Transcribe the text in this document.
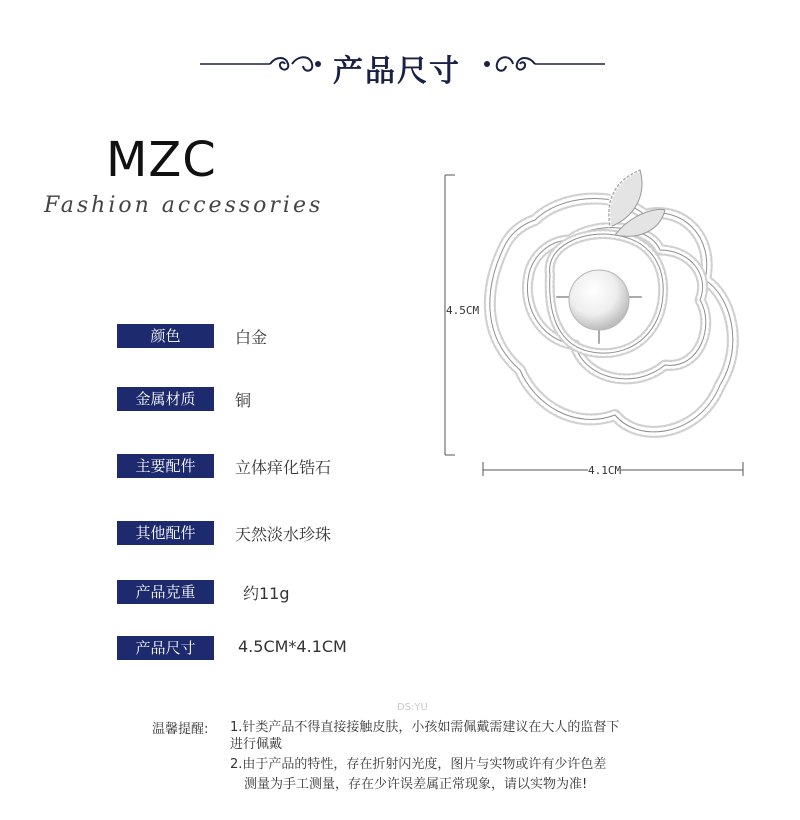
产品尺寸
MZC
Fashion accessories
颜色	白金
金属材质	铜
主要配件	立体痒化锆石
其他配件	天然淡水珍珠
产品克重	约11g
产品尺寸	4.5CM*4.1CM
4.5CM
4.1CM
DS:YU
温馨提醒: 1.针类产品不得直接接触皮肤，小孩如需佩戴需建议在大人的监督下
进行佩戴
2.由于产品的特性，存在折射闪光度，图片与实物或许有少许色差
测量为手工测量，存在少许误差属正常现象，请以实物为准!
